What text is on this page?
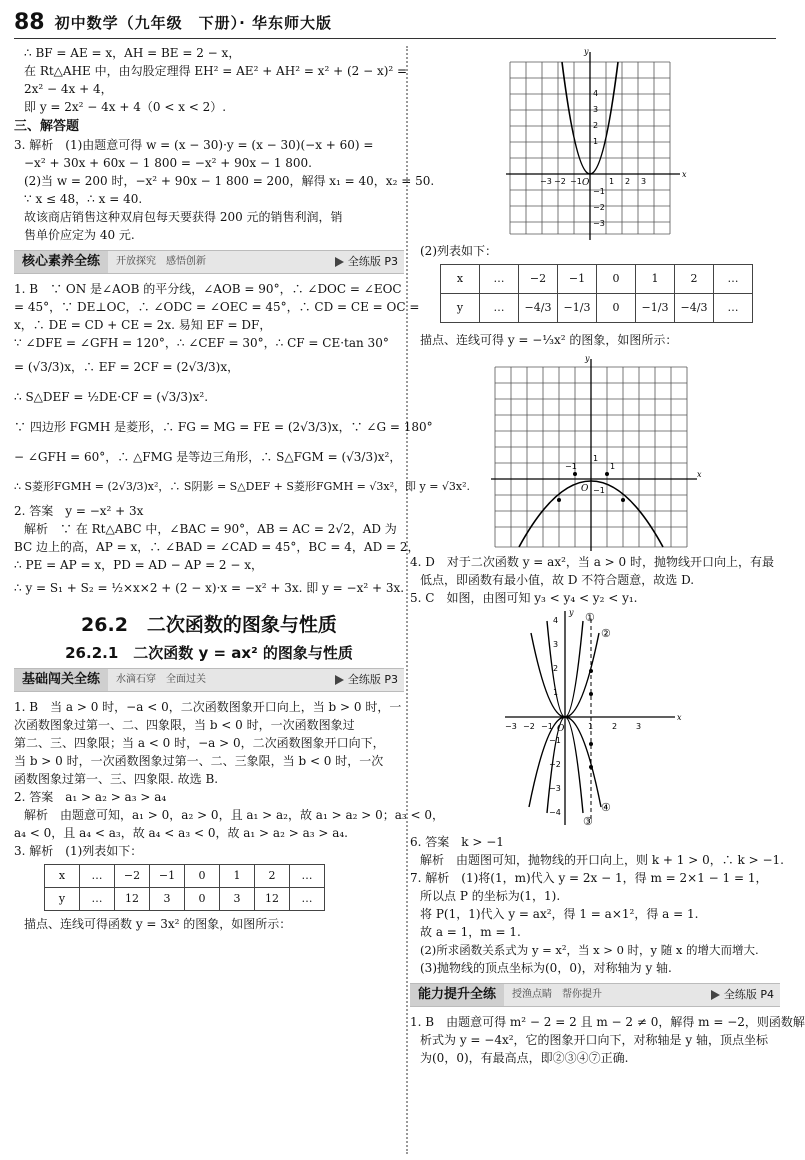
88 初中数学（九年级　下册）· 华东师大版
∴ BF = AE = x，AH = BE = 2 − x，
在 Rt△AHE 中，由勾股定理得 EH² = AE² + AH² = x² + (2 − x)² =
2x² − 4x + 4，
即 y = 2x² − 4x + 4（0 < x < 2）.
三、解答题
3. 解析　(1)由题意可得 w = (x − 30)·y = (x − 30)(−x + 60) =
−x² + 30x + 60x − 1 800 = −x² + 90x − 1 800.
(2)当 w = 200 时，−x² + 90x − 1 800 = 200，解得 x₁ = 40，x₂ = 50.
∵ x ≤ 48，∴ x = 40.
故该商店销售这种双肩包每天要获得 200 元的销售利润，销
售单价应定为 40 元.
核心素养全练	开放探究　感悟创新	全练版 P3
1. B　∵ ON 是∠AOB 的平分线，∠AOB = 90°，∴ ∠DOC = ∠EOC
= 45°，∵ DE⊥OC，∴ ∠ODC = ∠OEC = 45°，∴ CD = CE = OC =
x，∴ DE = CD + CE = 2x. 易知 EF = DF，
∵ ∠DFE = ∠GFH = 120°，∴ ∠CEF = 30°，∴ CF = CE·tan 30°
= (√3/3)x，∴ EF = 2CF = (2√3/3)x，
∴ S△DEF = ½DE·CF = (√3/3)x².
∵ 四边形 FGMH 是菱形，∴ FG = MG = FE = (2√3/3)x，∵ ∠G = 180°
− ∠GFH = 60°，∴ △FMG 是等边三角形，∴ S△FGM = (√3/3)x²，
∴ S菱形FGMH = (2√3/3)x²，∴ S阴影 = S△DEF + S菱形FGMH = √3x²，即 y = √3x².
2. 答案　y = −x² + 3x
解析　∵ 在 Rt△ABC 中，∠BAC = 90°，AB = AC = 2√2，AD 为
BC 边上的高，AP = x，∴ ∠BAD = ∠CAD = 45°，BC = 4，AD = 2，
∴ PE = AP = x，PD = AD − AP = 2 − x，
∴ y = S₁ + S₂ = ½×x×2 + (2 − x)·x = −x² + 3x. 即 y = −x² + 3x.
26.2　二次函数的图象与性质
26.2.1　二次函数 y = ax² 的图象与性质
基础闯关全练	水滴石穿　全面过关	全练版 P3
1. B　当 a > 0 时，−a < 0，二次函数图象开口向上，当 b > 0 时，一
次函数图象过第一、二、四象限，当 b < 0 时，一次函数图象过
第二、三、四象限；当 a < 0 时，−a > 0，二次函数图象开口向下，
当 b > 0 时，一次函数图象过第一、二、三象限，当 b < 0 时，一次
函数图象过第一、三、四象限. 故选 B.
2. 答案　a₁ > a₂ > a₃ > a₄
解析　由题意可知，a₁ > 0，a₂ > 0，且 a₁ > a₂，故 a₁ > a₂ > 0；a₃ < 0，
a₄ < 0，且 a₄ < a₃，故 a₄ < a₃ < 0，故 a₁ > a₂ > a₃ > a₄.
3. 解析　(1)列表如下：
x	…	−2	−1	0	1	2	…
y	…	12	3	0	3	12	…
描点、连线可得函数 y = 3x² 的图象，如图所示：
−3 −2 −1	1 2 3
4
3
2
1
−1
−2
−3
O
x
y
(2)列表如下：
x	…	−2	−1	0	1	2	…
y	…	−4/3	−1/3	0	−1/3	−4/3	…
描点、连线可得 y = −⅓x² 的图象，如图所示：
−1
1
1
−1
O
x
y
4. D　对于二次函数 y = ax²，当 a > 0 时，抛物线开口向上，有最
低点，即函数有最小值，故 D 不符合题意，故选 D.
5. C　如图，由图可知 y₃ < y₄ < y₂ < y₁.
4
3
2
1
−1
−2
−3
−4
−3 −2 −1	1 2 3
O
x
y ①
②
③
④
6. 答案　k > −1
解析　由题图可知，抛物线的开口向上，则 k + 1 > 0，∴ k > −1.
7. 解析　(1)将(1，m)代入 y = 2x − 1，得 m = 2×1 − 1 = 1，
所以点 P 的坐标为(1，1).
将 P(1，1)代入 y = ax²，得 1 = a×1²，得 a = 1.
故 a = 1，m = 1.
(2)所求函数关系式为 y = x²，当 x > 0 时，y 随 x 的增大而增大.
(3)抛物线的顶点坐标为(0，0)，对称轴为 y 轴.
能力提升全练	授渔点睛　帮你提升	全练版 P4
1. B　由题意可得 m² − 2 = 2 且 m − 2 ≠ 0，解得 m = −2，则函数解
析式为 y = −4x²，它的图象开口向下，对称轴是 y 轴，顶点坐标
为(0，0)，有最高点，即②③④⑦正确.
